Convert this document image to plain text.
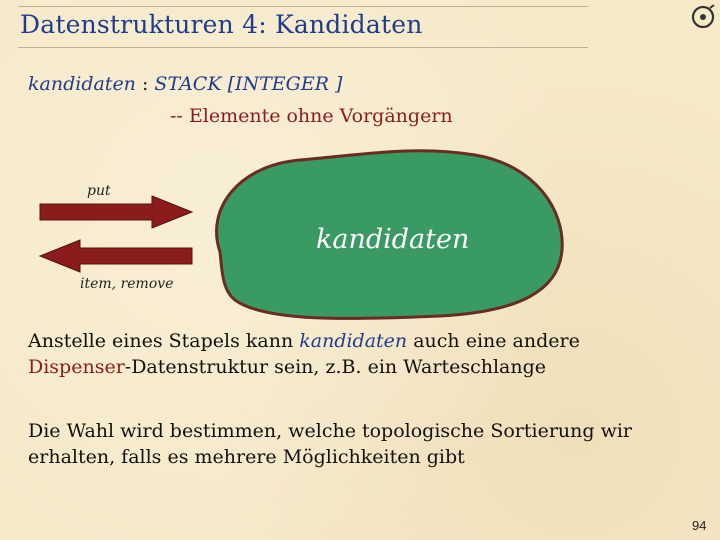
Datenstrukturen 4: Kandidaten
kandidaten : STACK [INTEGER ]
-- Elemente ohne Vorgängern
put
item, remove
kandidaten
Anstelle eines Stapels kann kandidaten auch eine andere
Dispenser-Datenstruktur sein, z.B. ein Warteschlange
Die Wahl wird bestimmen, welche topologische Sortierung wir erhalten, falls es mehrere Möglichkeiten gibt
94
